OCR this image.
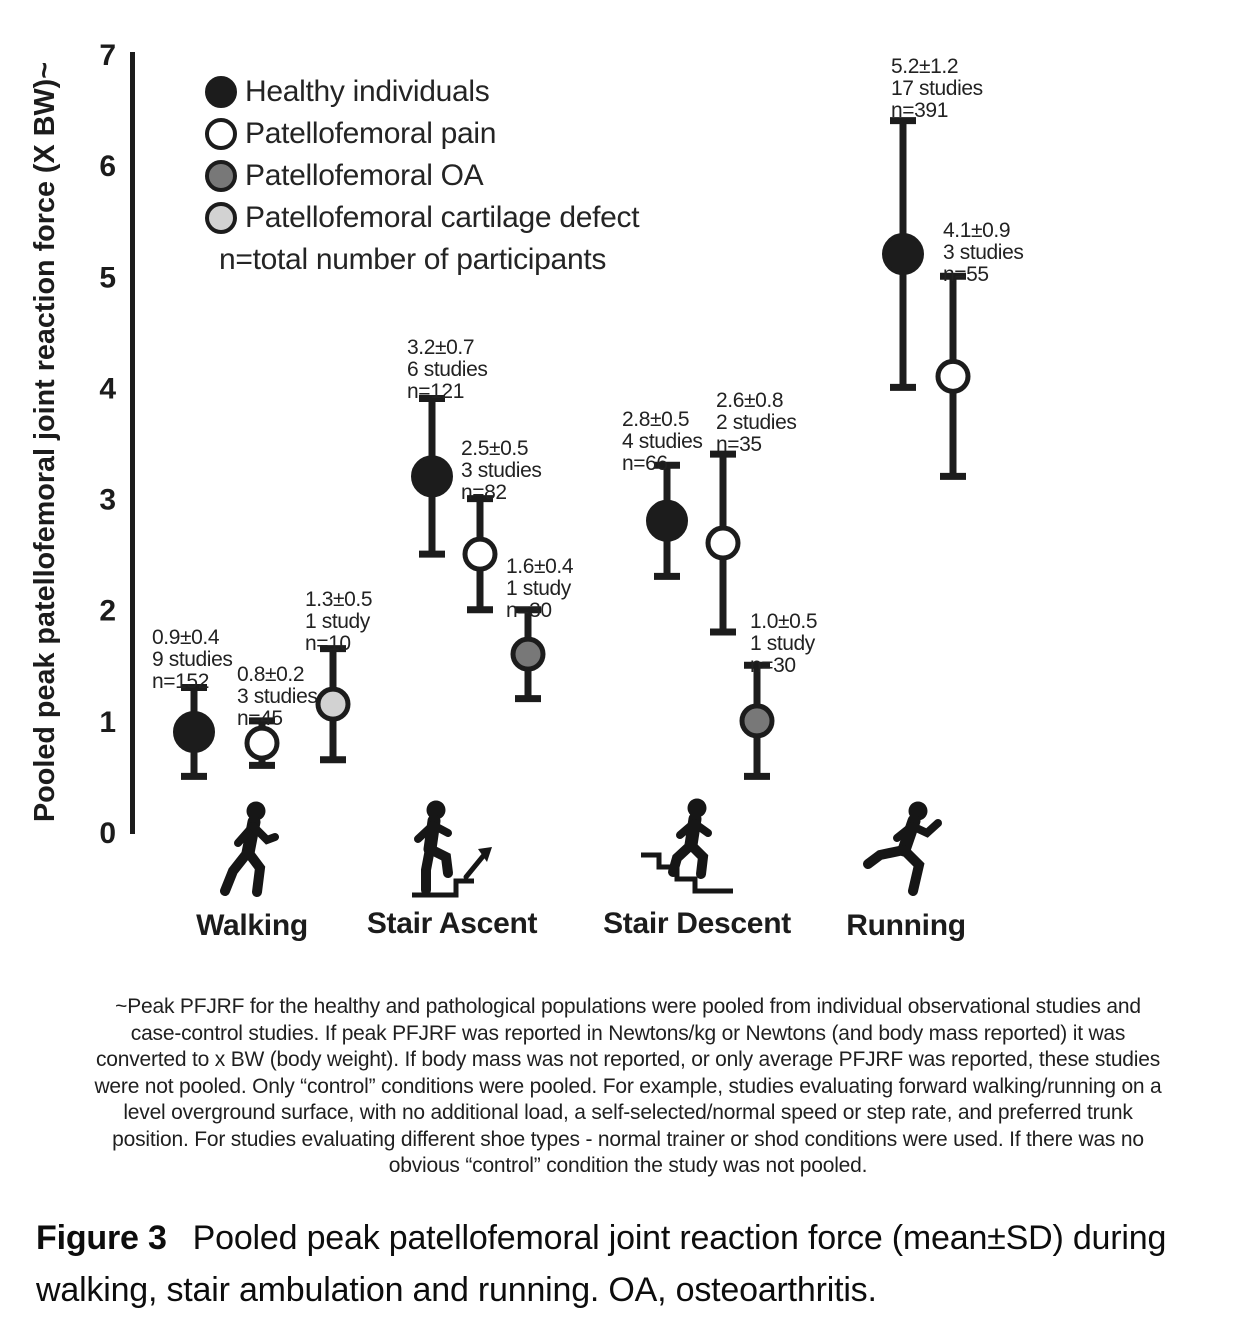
0
1
2
3
4
5
6
7
Pooled peak patellofemoral joint reaction force (X BW)~	0.9±0.4 9 studies n=152	0.8±0.2 3 studies n=45
1.3±0.5 1 study n=10
3.2±0.7 6 studies n=121
2.5±0.5 3 studies n=82
1.6±0.4 1 study n=30
2.8±0.5 4 studies n=66
2.6±0.8 2 studies n=35
1.0±0.5 1 study n=30
5.2±1.2 17 studies n=391
4.1±0.9 3 studies n=55
Healthy individuals
Patellofemoral pain
Patellofemoral OA
Patellofemoral cartilage defect
n=total number of participants
Walking	Stair Ascent	Stair Descent	Running

~Peak PFJRF for the healthy and pathological populations were pooled from individual observational studies and case-control studies. If peak PFJRF was reported in Newtons/kg or Newtons (and body mass reported) it was converted to x BW (body weight). If body mass was not reported, or only average PFJRF was reported, these studies were not pooled. Only “control” conditions were pooled. For example, studies evaluating forward walking/running on a level overground surface, with no additional load, a self-selected/normal speed or step rate, and preferred trunk position. For studies evaluating different shoe types - normal trainer or shod conditions were used. If there was no obvious “control” condition the study was not pooled.

Figure 3 Pooled peak patellofemoral joint reaction force (mean±SD) during walking, stair ambulation and running. OA, osteoarthritis.
